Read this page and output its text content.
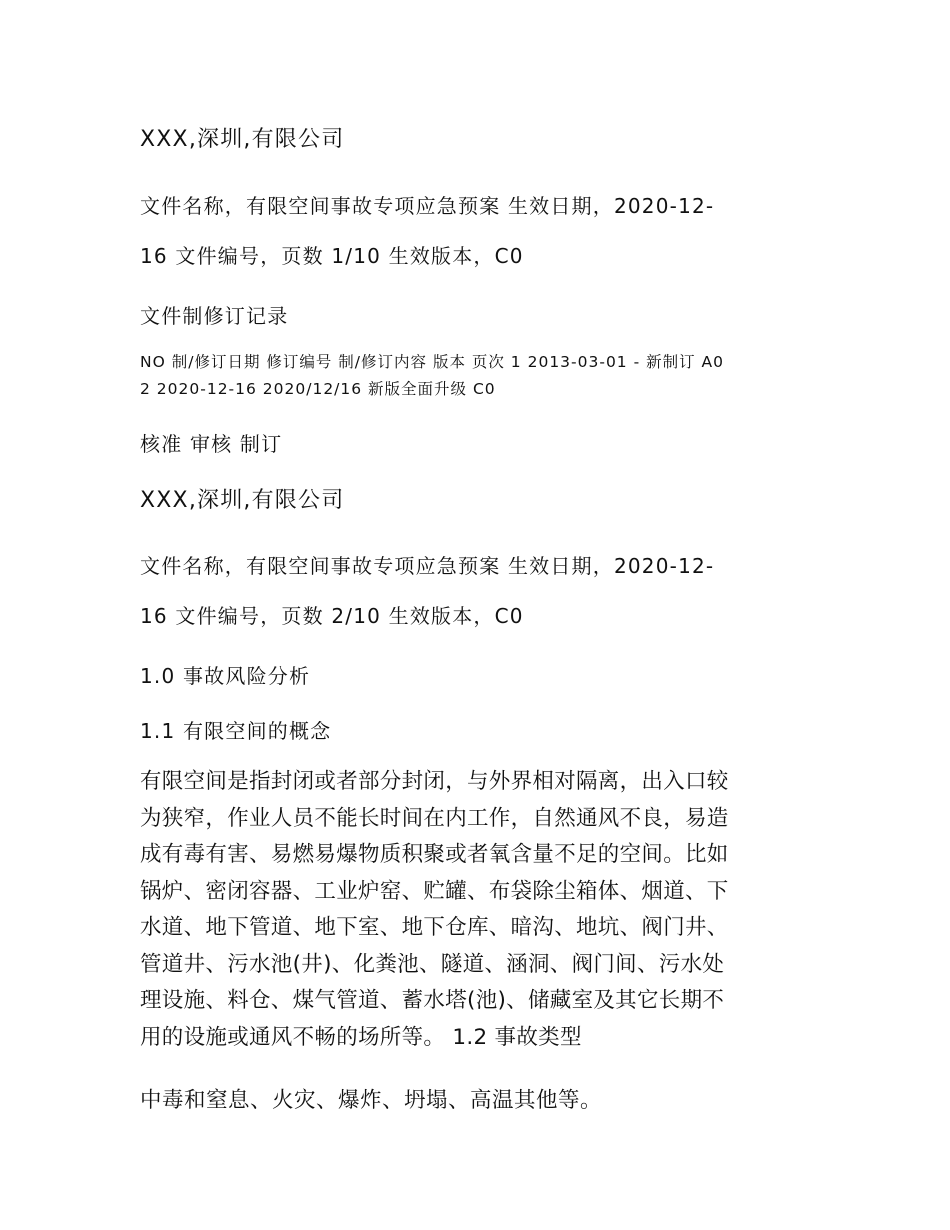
XXX,深圳,有限公司
文件名称，有限空间事故专项应急预案 生效日期，2020-12-
16 文件编号，页数 1/10 生效版本，C0
文件制修订记录
NO 制/修订日期 修订编号 制/修订内容 版本 页次 1 2013-03-01 - 新制订 A0
2 2020-12-16 2020/12/16 新版全面升级 C0
核准 审核 制订
XXX,深圳,有限公司
文件名称，有限空间事故专项应急预案 生效日期，2020-12-
16 文件编号，页数 2/10 生效版本，C0
1.0 事故风险分析
1.1 有限空间的概念
有限空间是指封闭或者部分封闭，与外界相对隔离，出入口较
为狭窄，作业人员不能长时间在内工作，自然通风不良，易造
成有毒有害、易燃易爆物质积聚或者氧含量不足的空间。比如
锅炉、密闭容器、工业炉窑、贮罐、布袋除尘箱体、烟道、下
水道、地下管道、地下室、地下仓库、暗沟、地坑、阀门井、
管道井、污水池(井)、化粪池、隧道、涵洞、阀门间、污水处
理设施、料仓、煤气管道、蓄水塔(池)、储藏室及其它长期不
用的设施或通风不畅的场所等。 1.2 事故类型
中毒和窒息、火灾、爆炸、坍塌、高温其他等。
